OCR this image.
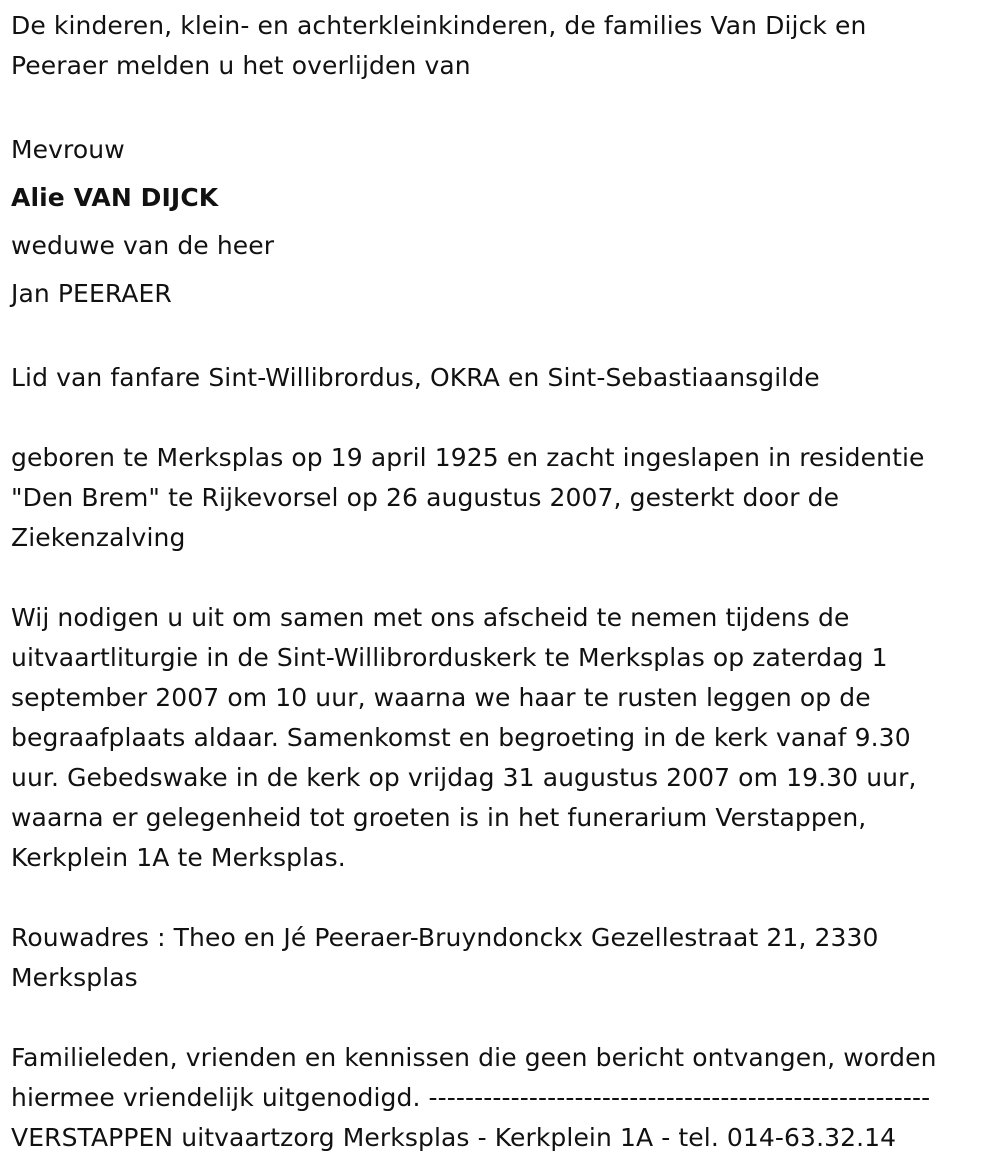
De kinderen, klein- en achterkleinkinderen, de families Van Dijck en
Peeraer melden u het overlijden van

Mevrouw

Alie VAN DIJCK

weduwe van de heer

Jan PEERAER

Lid van fanfare Sint-Willibrordus, OKRA en Sint-Sebastiaansgilde

geboren te Merksplas op 19 april 1925 en zacht ingeslapen in residentie
"Den Brem" te Rijkevorsel op 26 augustus 2007, gesterkt door de
Ziekenzalving

Wij nodigen u uit om samen met ons afscheid te nemen tijdens de
uitvaartliturgie in de Sint-Willibrorduskerk te Merksplas op zaterdag 1
september 2007 om 10 uur, waarna we haar te rusten leggen op de
begraafplaats aldaar. Samenkomst en begroeting in de kerk vanaf 9.30
uur. Gebedswake in de kerk op vrijdag 31 augustus 2007 om 19.30 uur,
waarna er gelegenheid tot groeten is in het funerarium Verstappen,
Kerkplein 1A te Merksplas.

Rouwadres : Theo en Jé Peeraer-Bruyndonckx Gezellestraat 21, 2330
Merksplas

Familieleden, vrienden en kennissen die geen bericht ontvangen, worden
hiermee vriendelijk uitgenodigd. -------------------------------------------------------
VERSTAPPEN uitvaartzorg Merksplas - Kerkplein 1A - tel. 014-63.32.14
